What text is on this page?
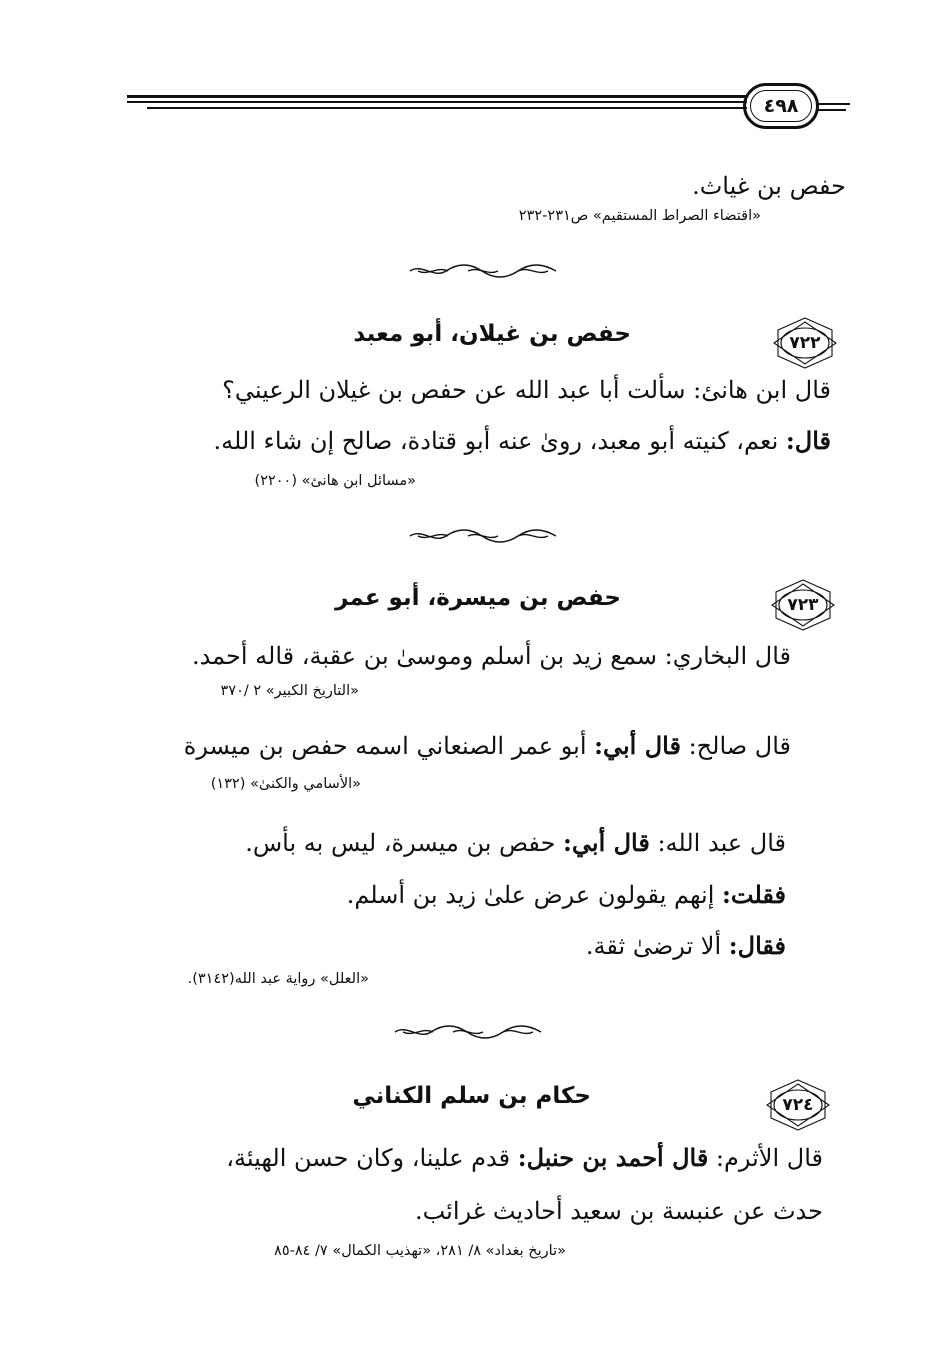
٤٩٨
حفص بن غياث.
«اقتضاء الصراط المستقيم» ص٢٣١-٢٣٢
٧٢٢
حفص بن غيلان، أبو معبد
قال ابن هانئ: سألت أبا عبد الله عن حفص بن غيلان الرعيني؟
قال: نعم، كنيته أبو معبد، روىٰ عنه أبو قتادة، صالح إن شاء الله.
«مسائل ابن هانئ» (٢٢٠٠)
٧٢٣
حفص بن ميسرة، أبو عمر
قال البخاري: سمع زيد بن أسلم وموسىٰ بن عقبة، قاله أحمد.
«التاريخ الكبير» ٢ /٣٧٠
قال صالح: قال أبي: أبو عمر الصنعاني اسمه حفص بن ميسرة
«الأسامي والكنىٰ» (١٣٢)
قال عبد الله: قال أبي: حفص بن ميسرة، ليس به بأس.
فقلت: إنهم يقولون عرض علىٰ زيد بن أسلم.
فقال: ألا ترضىٰ ثقة.
«العلل» رواية عبد الله(٣١٤٢).
٧٢٤
حكام بن سلم الكناني
قال الأثرم: قال أحمد بن حنبل: قدم علينا، وكان حسن الهيئة،
حدث عن عنبسة بن سعيد أحاديث غرائب.
«تاريخ بغداد» ٨/ ٢٨١، «تهذيب الكمال» ٧/ ٨٤-٨٥
